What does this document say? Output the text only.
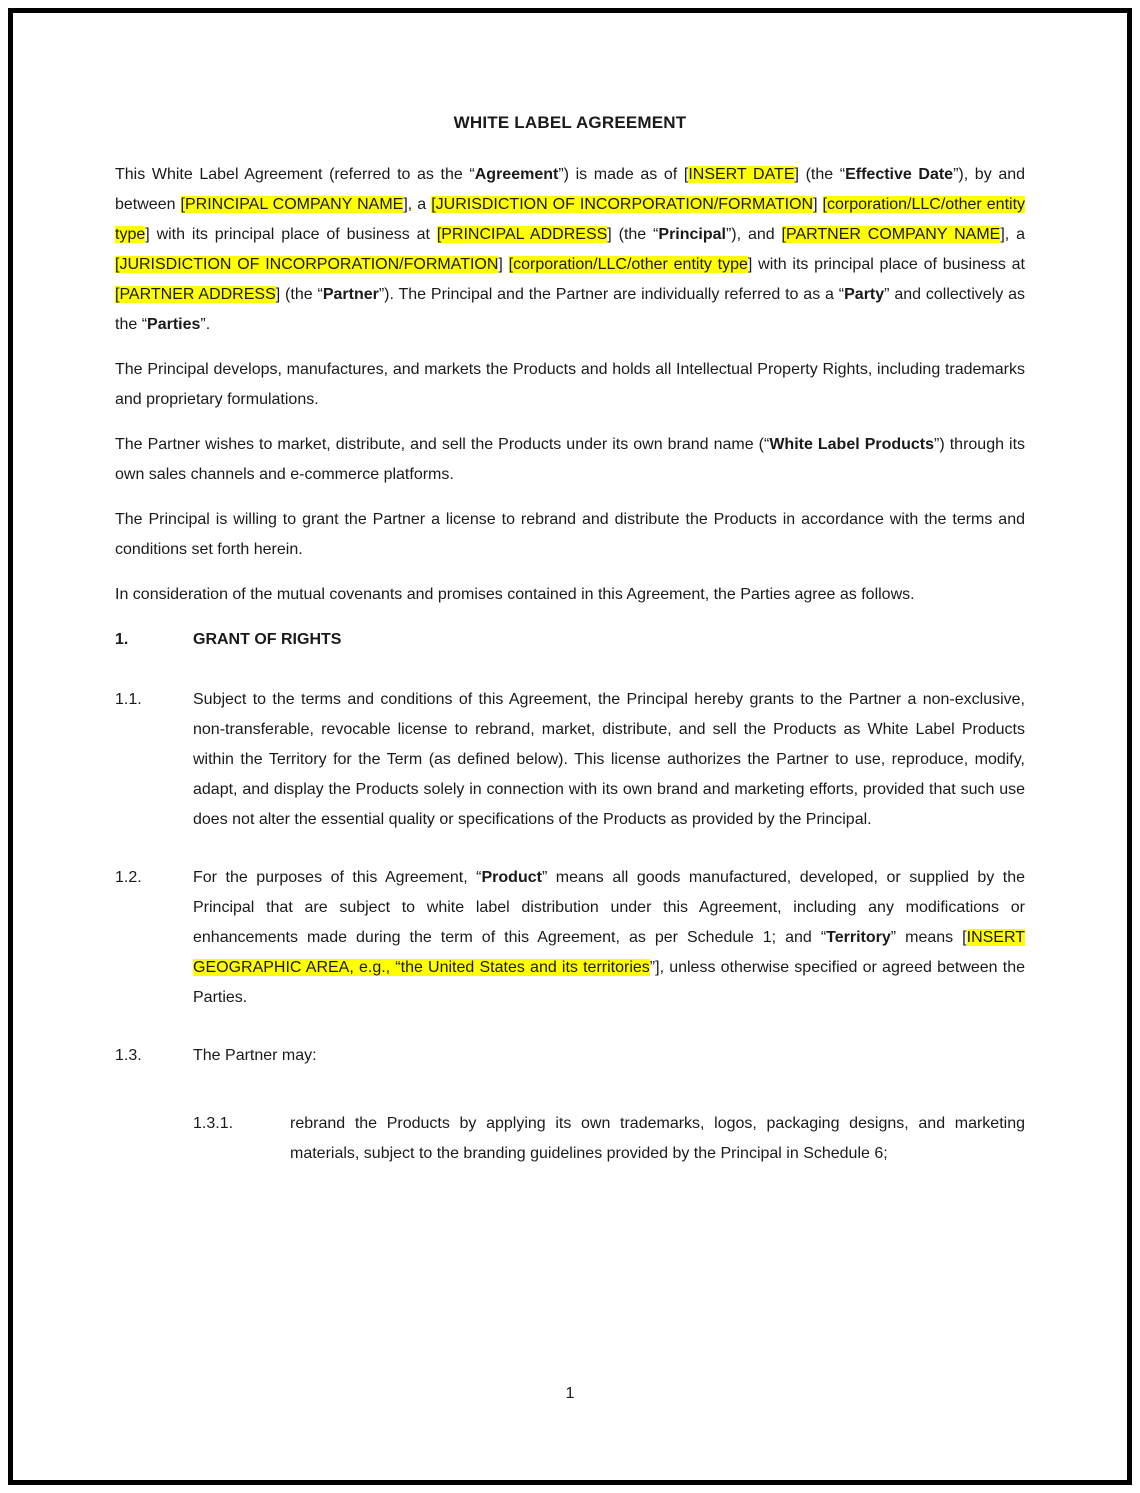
WHITE LABEL AGREEMENT

This White Label Agreement (referred to as the “Agreement”) is made as of [INSERT DATE] (the “Effective Date”), by and between [PRINCIPAL COMPANY NAME], a [JURISDICTION OF INCORPORATION/FORMATION] [corporation/LLC/other entity type] with its principal place of business at [PRINCIPAL ADDRESS] (the “Principal”), and [PARTNER COMPANY NAME], a [JURISDICTION OF INCORPORATION/FORMATION] [corporation/LLC/other entity type] with its principal place of business at [PARTNER ADDRESS] (the “Partner”). The Principal and the Partner are individually referred to as a “Party” and collectively as the “Parties”.

The Principal develops, manufactures, and markets the Products and holds all Intellectual Property Rights, including trademarks and proprietary formulations.

The Partner wishes to market, distribute, and sell the Products under its own brand name (“White Label Products”) through its own sales channels and e-commerce platforms.

The Principal is willing to grant the Partner a license to rebrand and distribute the Products in accordance with the terms and conditions set forth herein.

In consideration of the mutual covenants and promises contained in this Agreement, the Parties agree as follows.

1.	GRANT OF RIGHTS
1.1.	Subject to the terms and conditions of this Agreement, the Principal hereby grants to the Partner a non-exclusive, non-transferable, revocable license to rebrand, market, distribute, and sell the Products as White Label Products within the Territory for the Term (as defined below). This license authorizes the Partner to use, reproduce, modify, adapt, and display the Products solely in connection with its own brand and marketing efforts, provided that such use does not alter the essential quality or specifications of the Products as provided by the Principal.
1.2.	For the purposes of this Agreement, “Product” means all goods manufactured, developed, or supplied by the Principal that are subject to white label distribution under this Agreement, including any modifications or enhancements made during the term of this Agreement, as per Schedule 1; and “Territory” means [INSERT GEOGRAPHIC AREA, e.g., “the United States and its territories”], unless otherwise specified or agreed between the Parties.
1.3.	The Partner may:
1.3.1.	rebrand the Products by applying its own trademarks, logos, packaging designs, and marketing materials, subject to the branding guidelines provided by the Principal in Schedule 6;
1
